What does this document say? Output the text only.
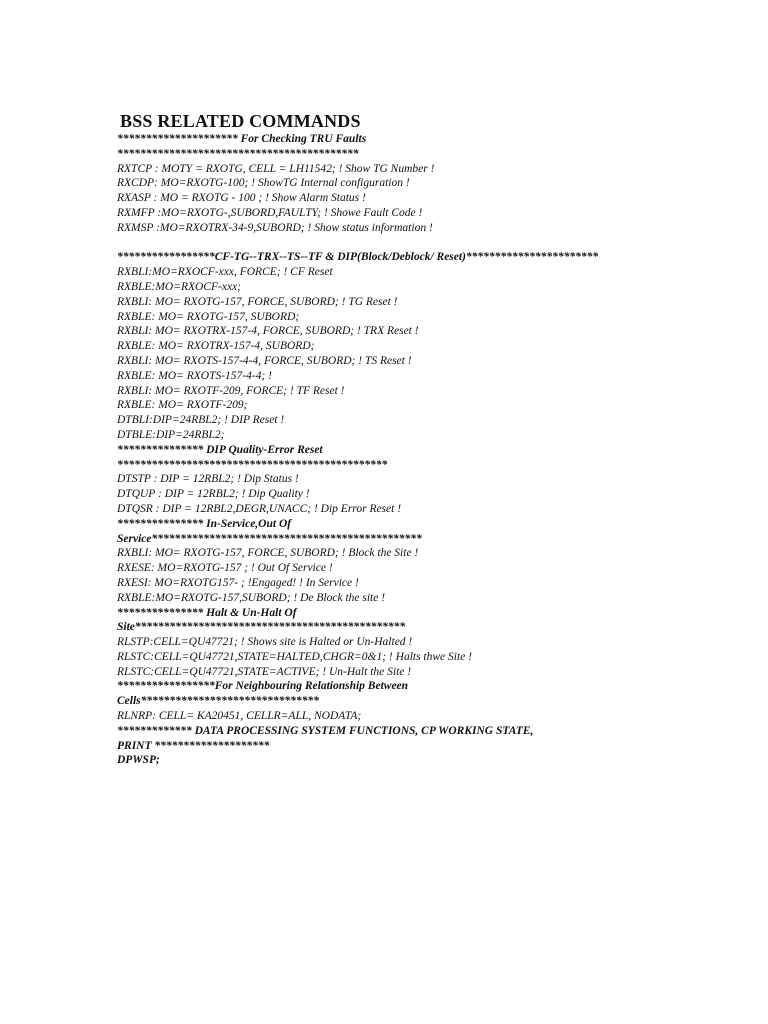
BSS RELATED COMMANDS
********************* For Checking TRU Faults
******************************************
RXTCP : MOTY = RXOTG, CELL = LH11542; ! Show TG Number !
RXCDP: MO=RXOTG-100; ! ShowTG Internal configuration !
RXASP : MO = RXOTG - 100 ; ! Show Alarm Status !
RXMFP :MO=RXOTG-,SUBORD,FAULTY; ! Showe Fault Code !
RXMSP :MO=RXOTRX-34-9,SUBORD; ! Show status information !
*****************CF-TG--TRX--TS--TF & DIP(Block/Deblock/ Reset)***********************
RXBLI:MO=RXOCF-xxx, FORCE; ! CF Reset
RXBLE:MO=RXOCF-xxx;
RXBLI: MO= RXOTG-157, FORCE, SUBORD; ! TG Reset !
RXBLE: MO= RXOTG-157, SUBORD;
RXBLI: MO= RXOTRX-157-4, FORCE, SUBORD; ! TRX Reset !
RXBLE: MO= RXOTRX-157-4, SUBORD;
RXBLI: MO= RXOTS-157-4-4, FORCE, SUBORD; ! TS Reset !
RXBLE: MO= RXOTS-157-4-4; !
RXBLI: MO= RXOTF-209, FORCE; ! TF Reset !
RXBLE: MO= RXOTF-209;
DTBLI:DIP=24RBL2; ! DIP Reset !
DTBLE:DIP=24RBL2;
*************** DIP Quality-Error Reset
***********************************************
DTSTP : DIP = 12RBL2; ! Dip Status !
DTQUP : DIP = 12RBL2; ! Dip Quality !
DTQSR : DIP = 12RBL2,DEGR,UNACC; ! Dip Error Reset !
*************** In-Service,Out Of
Service***********************************************
RXBLI: MO= RXOTG-157, FORCE, SUBORD; ! Block the Site !
RXESE: MO=RXOTG-157 ; ! Out Of Service !
RXESI: MO=RXOTG157- ; !Engaged! ! In Service !
RXBLE:MO=RXOTG-157,SUBORD; ! De Block the site !
*************** Halt & Un-Halt Of
Site***********************************************
RLSTP:CELL=QU47721; ! Shows site is Halted or Un-Halted !
RLSTC:CELL=QU47721,STATE=HALTED,CHGR=0&1; ! Halts thwe Site !
RLSTC:CELL=QU47721,STATE=ACTIVE; ! Un-Halt the Site !
*****************For Neighbouring Relationship Between
Cells*******************************
RLNRP: CELL= KA20451, CELLR=ALL, NODATA;
************* DATA PROCESSING SYSTEM FUNCTIONS, CP WORKING STATE,
PRINT ********************
DPWSP;
